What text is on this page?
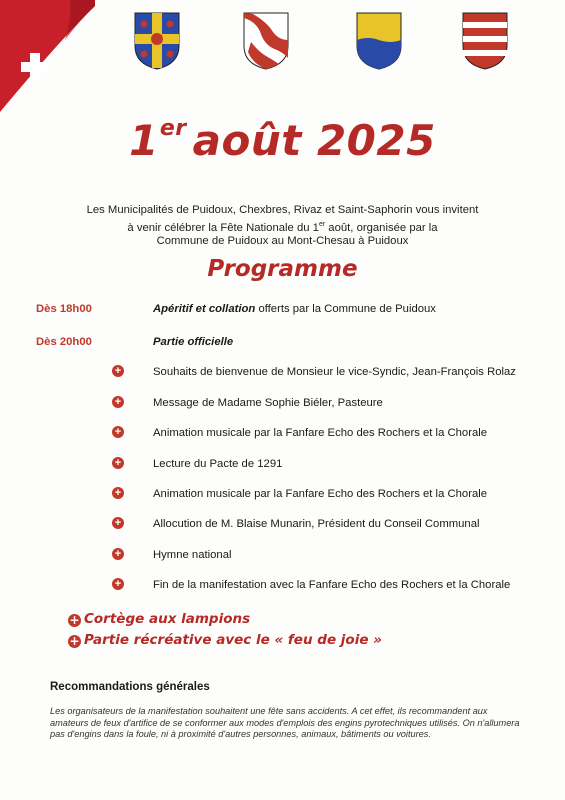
1er août 2025
Les Municipalités de Puidoux, Chexbres, Rivaz et Saint-Saphorin vous invitent
à venir célébrer la Fête Nationale du 1er août, organisée par la
Commune de Puidoux au Mont-Chesau à Puidoux
Programme
Dès 18h00	Apéritif et collation offerts par la Commune de Puidoux
Dès 20h00	Partie officielle
+	Souhaits de bienvenue de Monsieur le vice-Syndic, Jean-François Rolaz
+	Message de Madame Sophie Biéler, Pasteure
+	Animation musicale par la Fanfare Echo des Rochers et la Chorale
+	Lecture du Pacte de 1291
+	Animation musicale par la Fanfare Echo des Rochers et la Chorale
+	Allocution de M. Blaise Munarin, Président du Conseil Communal
+	Hymne national
+	Fin de la manifestation avec la Fanfare Echo des Rochers et la Chorale
+ Cortège aux lampions
+ Partie récréative avec le « feu de joie »
Recommandations générales
Les organisateurs de la manifestation souhaitent une fête sans accidents. A cet effet, ils recommandent aux amateurs de feux d'artifice de se conformer aux modes d'emplois des engins pyrotechniques utilisés. On n'allumera pas d'engins dans la foule, ni à proximité d'autres personnes, animaux, bâtiments ou voitures.
